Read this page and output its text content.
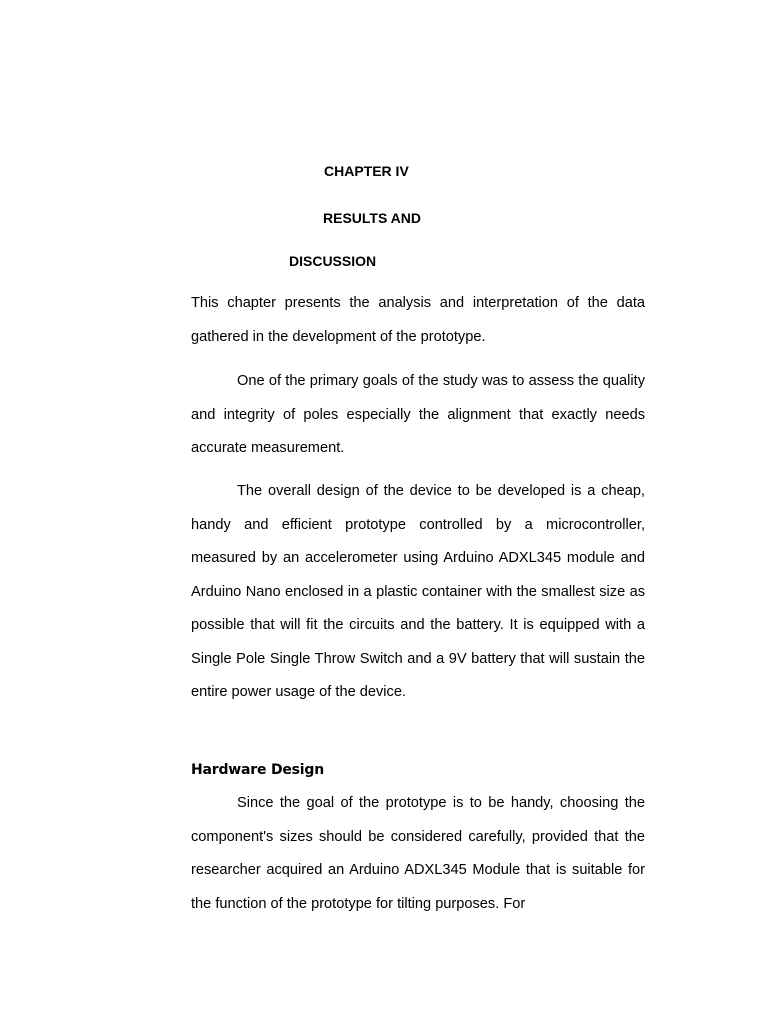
CHAPTER IV
RESULTS AND
DISCUSSION

This chapter presents the analysis and interpretation of the data gathered in the development of the prototype.

One of the primary goals of the study was to assess the quality and integrity of poles especially the alignment that exactly needs accurate measurement.

The overall design of the device to be developed is a cheap, handy and efficient prototype controlled by a microcontroller, measured by an accelerometer using Arduino ADXL345 module and Arduino Nano enclosed in a plastic container with the smallest size as possible that will fit the circuits and the battery. It is equipped with a Single Pole Single Throw Switch and a 9V battery that will sustain the entire power usage of the device.

Hardware Design

Since the goal of the prototype is to be handy, choosing the component's sizes should be considered carefully, provided that the researcher acquired an Arduino ADXL345 Module that is suitable for the function of the prototype for tilting purposes. For
